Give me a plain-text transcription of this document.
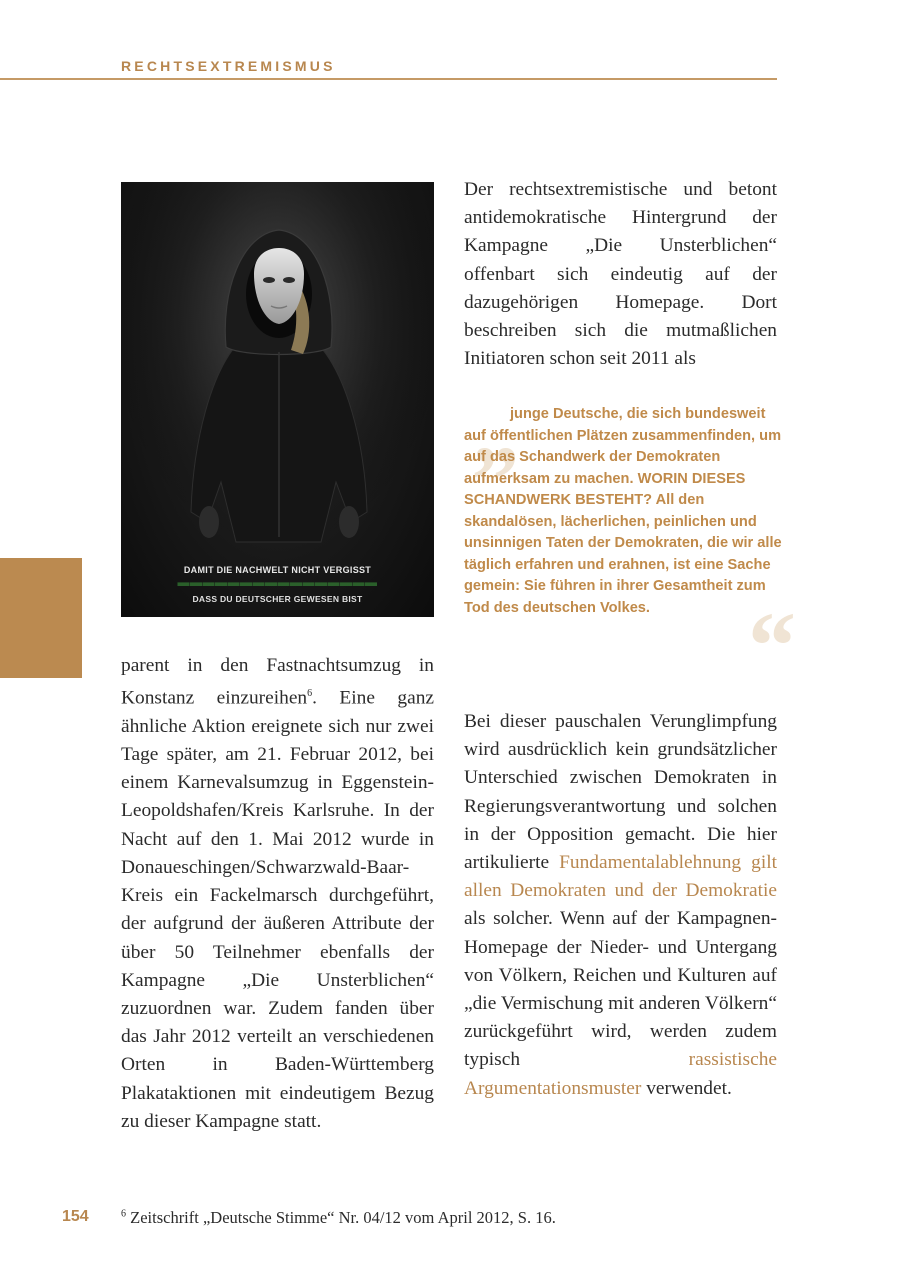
RECHTSEXTREMISMUS
DAMIT DIE NACHWELT NICHT VERGISST
▬▬▬▬▬▬▬▬▬▬▬▬▬▬▬▬
DASS DU DEUTSCHER GEWESEN BIST

Der rechtsextremistische und betont antidemokratische Hintergrund der Kampagne „Die Unsterblichen“ offenbart sich eindeutig auf der dazugehörigen Homepage. Dort beschreiben sich die mutmaßlichen Initiatoren schon seit 2011 als

„
“

junge Deutsche, die sich bundesweit auf öffentlichen Plätzen zusammenfinden, um auf das Schandwerk der Demokraten aufmerksam zu machen. WORIN DIESES SCHANDWERK BESTEHT? All den skandalösen, lächerlichen, peinlichen und unsinnigen Taten der Demokraten, die wir alle täglich erfahren und erahnen, ist eine Sache gemein: Sie führen in ihrer Gesamtheit zum Tod des deutschen Volkes.

parent in den Fastnachtsumzug in Konstanz einzureihen$^6$. Eine ganz ähnliche Aktion ereignete sich nur zwei Tage später, am 21. Februar 2012, bei einem Karnevalsumzug in Eggenstein-Leopoldshafen/Kreis Karlsruhe. In der Nacht auf den 1. Mai 2012 wurde in Donaueschingen/Schwarzwald-Baar-Kreis ein Fackelmarsch durchgeführt, der aufgrund der äußeren Attribute der über 50 Teilnehmer ebenfalls der Kampagne „Die Unsterblichen“ zuzuordnen war. Zudem fanden über das Jahr 2012 verteilt an verschiedenen Orten in Baden-Württemberg Plakataktionen mit eindeutigem Bezug zu dieser Kampagne statt.

Bei dieser pauschalen Verunglimpfung wird ausdrücklich kein grundsätzlicher Unterschied zwischen Demokraten in Regierungsverantwortung und solchen in der Opposition gemacht. Die hier artikulierte Fundamentalablehnung gilt allen Demokraten und der Demokratie als solcher. Wenn auf der Kampagnen-Homepage der Nieder- und Untergang von Völkern, Reichen und Kulturen auf „die Vermischung mit anderen Völkern“ zurückgeführt wird, werden zudem typisch rassistische Argumentationsmuster verwendet.

154	$^6$ Zeitschrift „Deutsche Stimme“ Nr. 04/12 vom April 2012, S. 16.
